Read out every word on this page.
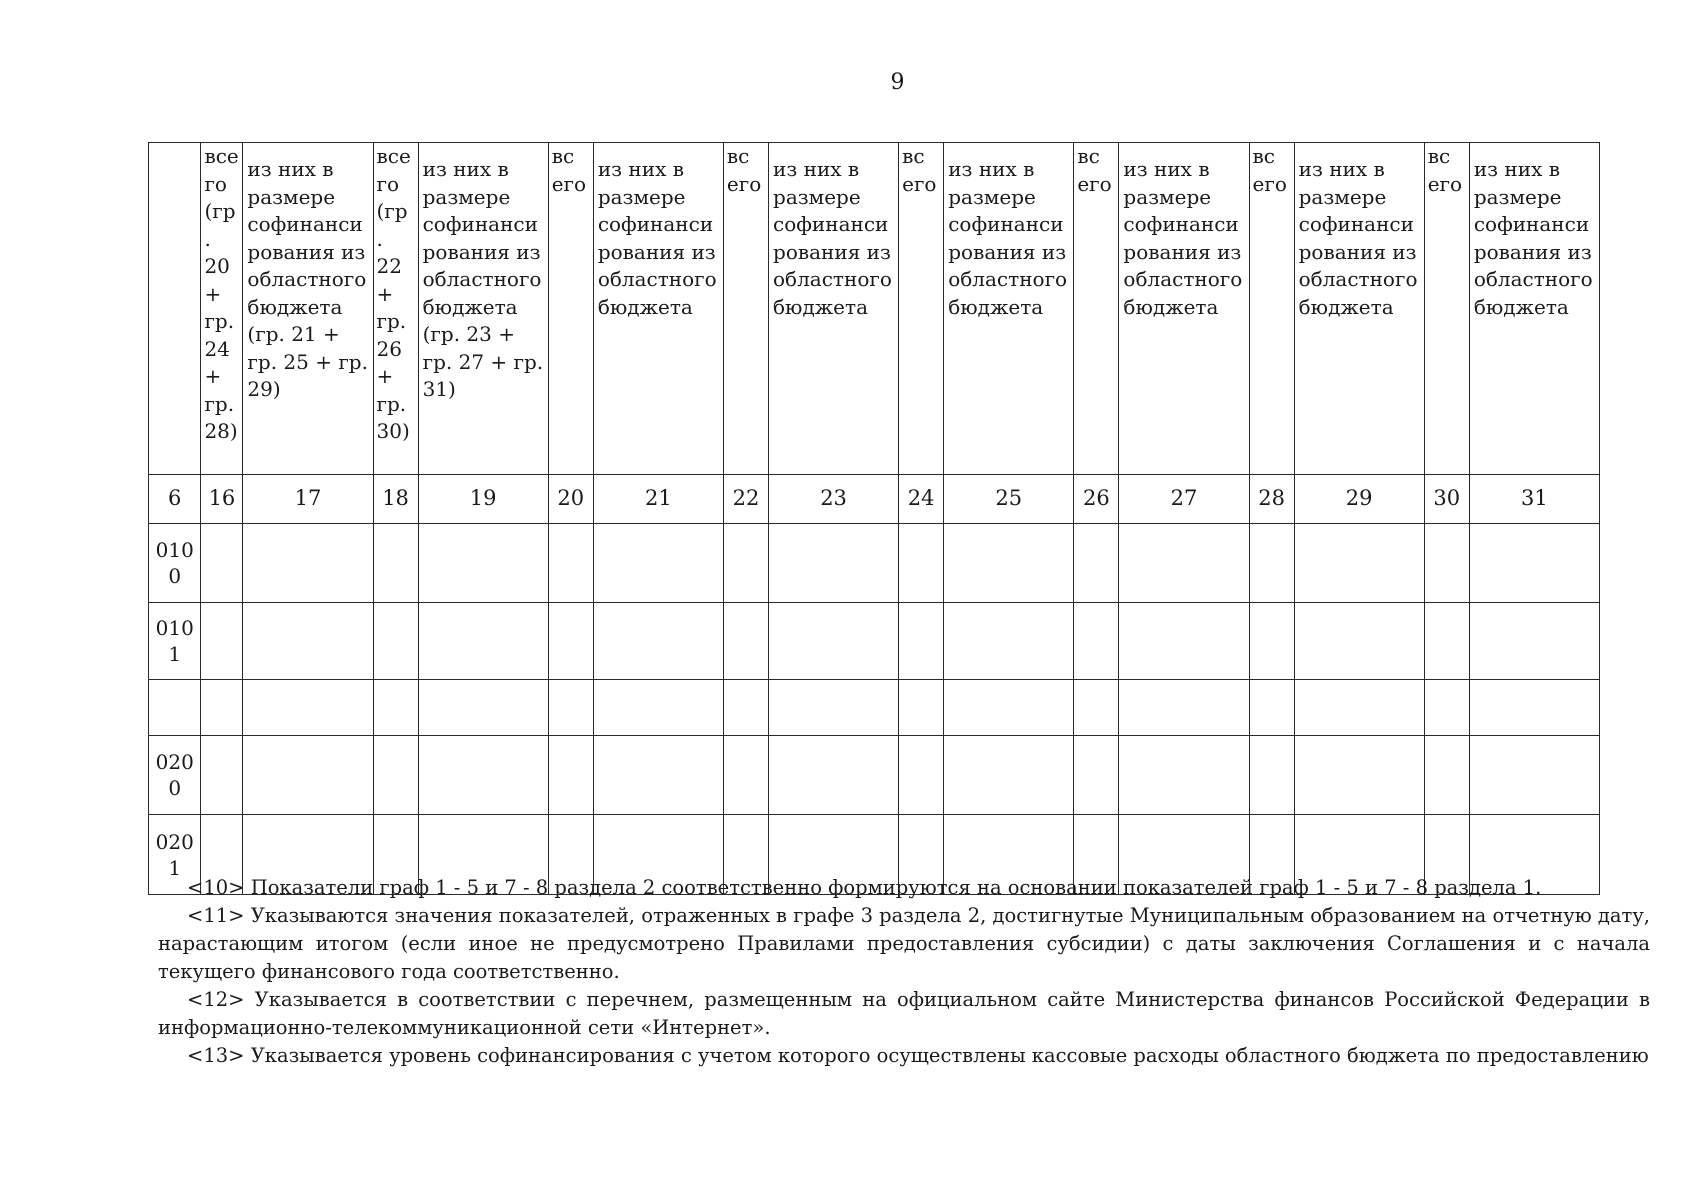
9
	все го (гр . 20 + гр. 24 + гр. 28)	из них в размере софинанси рования из областного бюджета (гр. 21 + гр. 25 + гр. 29)	все го (гр . 22 + гр. 26 + гр. 30)	из них в размере софинанси рования из областного бюджета (гр. 23 + гр. 27 + гр. 31)	вс его	из них в размере софинанси рования из областного бюджета	вс его	из них в размере софинанси рования из областного бюджета	вс его	из них в размере софинанси рования из областного бюджета	вс его	из них в размере софинанси рования из областного бюджета	вс его	из них в размере софинанси рования из областного бюджета	вс его	из них в размере софинанси рования из областного бюджета
6	16	17	18	19	20	21	22	23	24	25	26	27	28	29	30	31
010 0																
010 1																

020 0																
020 1																

<10> Показатели граф 1 - 5 и 7 - 8 раздела 2 соответственно формируются на основании показателей граф 1 - 5 и 7 - 8 раздела 1.

<11> Указываются значения показателей, отраженных в графе 3 раздела 2, достигнутые Муниципальным образованием на отчетную дату, нарастающим итогом (если иное не предусмотрено Правилами предоставления субсидии) с даты заключения Соглашения и с начала текущего финансового года соответственно.

<12> Указывается в соответствии с перечнем, размещенным на официальном сайте Министерства финансов Российской Федерации в информационно-телекоммуникационной сети «Интернет».

<13> Указывается уровень софинансирования с учетом которого осуществлены кассовые расходы областного бюджета по предоставлению
